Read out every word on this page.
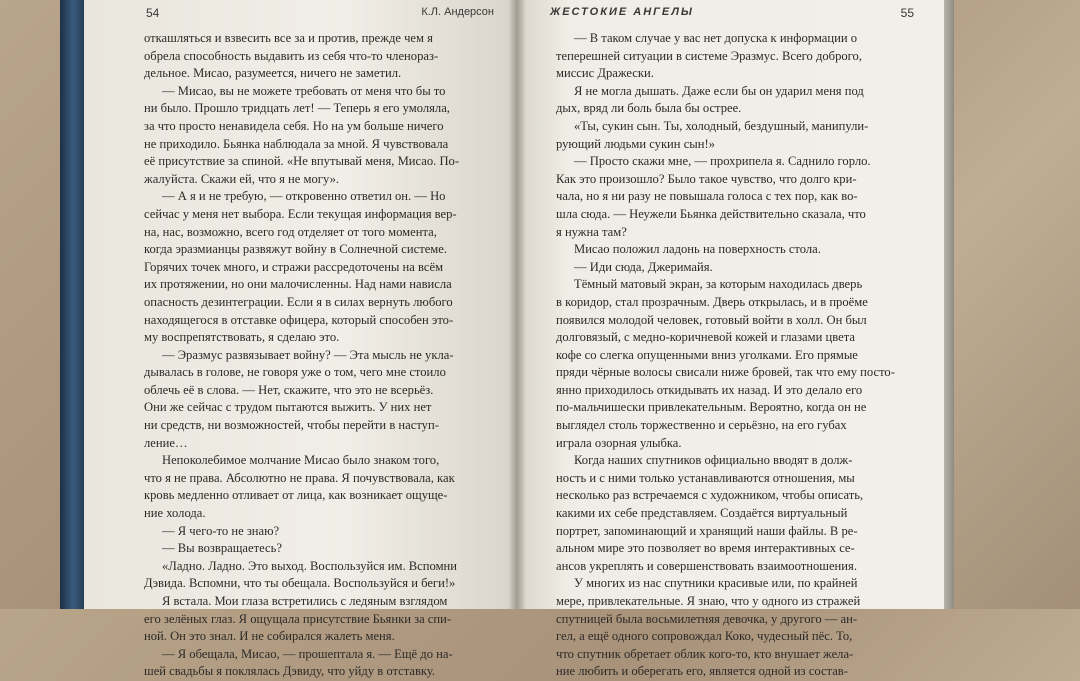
54	К.Л. Андерсон

откашляться и взвесить все за и против, прежде чем я

обрела способность выдавить из себя что-то членораз-

дельное. Мисао, разумеется, ничего не заметил.

— Мисао, вы не можете требовать от меня что бы то

ни было. Прошло тридцать лет! — Теперь я его умоляла,

за что просто ненавидела себя. Но на ум больше ничего

не приходило. Бьянка наблюдала за мной. Я чувствовала

её присутствие за спиной. «Не впутывай меня, Мисао. По-

жалуйста. Скажи ей, что я не могу».

— А я и не требую, — откровенно ответил он. — Но

сейчас у меня нет выбора. Если текущая информация вер-

на, нас, возможно, всего год отделяет от того момента,

когда эразмианцы развяжут войну в Солнечной системе.

Горячих точек много, и стражи рассредоточены на всём

их протяжении, но они малочисленны. Над нами нависла

опасность дезинтеграции. Если я в силах вернуть любого

находящегося в отставке офицера, который способен это-

му воспрепятствовать, я сделаю это.

— Эразмус развязывает войну? — Эта мысль не укла-

дывалась в голове, не говоря уже о том, чего мне стоило

облечь её в слова. — Нет, скажите, что это не всерьёз.

Они же сейчас с трудом пытаются выжить. У них нет

ни средств, ни возможностей, чтобы перейти в наступ-

ление…

Непоколебимое молчание Мисао было знаком того,

что я не права. Абсолютно не права. Я почувствовала, как

кровь медленно отливает от лица, как возникает ощуще-

ние холода.

— Я чего-то не знаю?

— Вы возвращаетесь?

«Ладно. Ладно. Это выход. Воспользуйся им. Вспомни

Дэвида. Вспомни, что ты обещала. Воспользуйся и беги!»

Я встала. Мои глаза встретились с ледяным взглядом

его зелёных глаз. Я ощущала присутствие Бьянки за спи-

ной. Он это знал. И не собирался жалеть меня.

— Я обещала, Мисао, — прошептала я. — Ещё до на-

шей свадьбы я поклялась Дэвиду, что уйду в отставку.

ЖЕСТОКИЕ АНГЕЛЫ	55

— В таком случае у вас нет допуска к информации о

теперешней ситуации в системе Эразмус. Всего доброго,

миссис Дражески.

Я не могла дышать. Даже если бы он ударил меня под

дых, вряд ли боль была бы острее.

«Ты, сукин сын. Ты, холодный, бездушный, манипули-

рующий людьми сукин сын!»

— Просто скажи мне, — прохрипела я. Саднило горло.

Как это произошло? Было такое чувство, что долго кри-

чала, но я ни разу не повышала голоса с тех пор, как во-

шла сюда. — Неужели Бьянка действительно сказала, что

я нужна там?

Мисао положил ладонь на поверхность стола.

— Иди сюда, Джеримайя.

Тёмный матовый экран, за которым находилась дверь

в коридор, стал прозрачным. Дверь открылась, и в проёме

появился молодой человек, готовый войти в холл. Он был

долговязый, с медно-коричневой кожей и глазами цвета

кофе со слегка опущенными вниз уголками. Его прямые

пряди чёрные волосы свисали ниже бровей, так что ему посто-

янно приходилось откидывать их назад. И это делало его

по-мальчишески привлекательным. Вероятно, когда он не

выглядел столь торжественно и серьёзно, на его губах

играла озорная улыбка.

Когда наших спутников официально вводят в долж-

ность и с ними только устанавливаются отношения, мы

несколько раз встречаемся с художником, чтобы описать,

какими их себе представляем. Создаётся виртуальный

портрет, запоминающий и хранящий наши файлы. В ре-

альном мире это позволяет во время интерактивных се-

ансов укреплять и совершенствовать взаимоотношения.

У многих из нас спутники красивые или, по крайней

мере, привлекательные. Я знаю, что у одного из стражей

спутницей была восьмилетняя девочка, у другого — ан-

гел, а ещё одного сопровождал Коко, чудесный пёс. То,

что спутник обретает облик кого-то, кто внушает жела-

ние любить и оберегать его, является одной из состав-
